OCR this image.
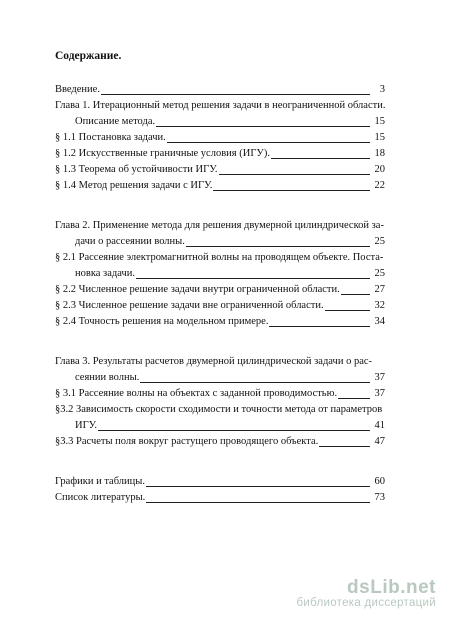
Содержание.
Введение.	3
Глава 1. Итерационный метод решения задачи в неограниченной области.
Описание метода.	15
§ 1.1 Постановка задачи.	15
§ 1.2 Искусственные граничные условия (ИГУ).	18
§ 1.3 Теорема об устойчивости ИГУ.	20
§ 1.4 Метод решения задачи с ИГУ.	22
Глава 2. Применение метода для решения двумерной цилиндрической за-
дачи о рассеянии волны.	25
§ 2.1 Рассеяние электромагнитной волны на проводящем объекте. Поста-
новка задачи.	25
§ 2.2 Численное решение задачи внутри ограниченной области.	27
§ 2.3 Численное решение задачи вне ограниченной области.	32
§ 2.4 Точность решения на модельном примере.	34
Глава 3. Результаты расчетов двумерной цилиндрической задачи о рас-
сеянии волны.	37
§ 3.1 Рассеяние волны на объектах с заданной проводимостью.	37
§3.2 Зависимость скорости сходимости и точности метода от параметров
ИГУ.	41
§3.3 Расчеты поля вокруг растущего проводящего объекта.	47
Графики и таблицы.	60
Список литературы.	73
dsLib.net
библиотека диссертаций
